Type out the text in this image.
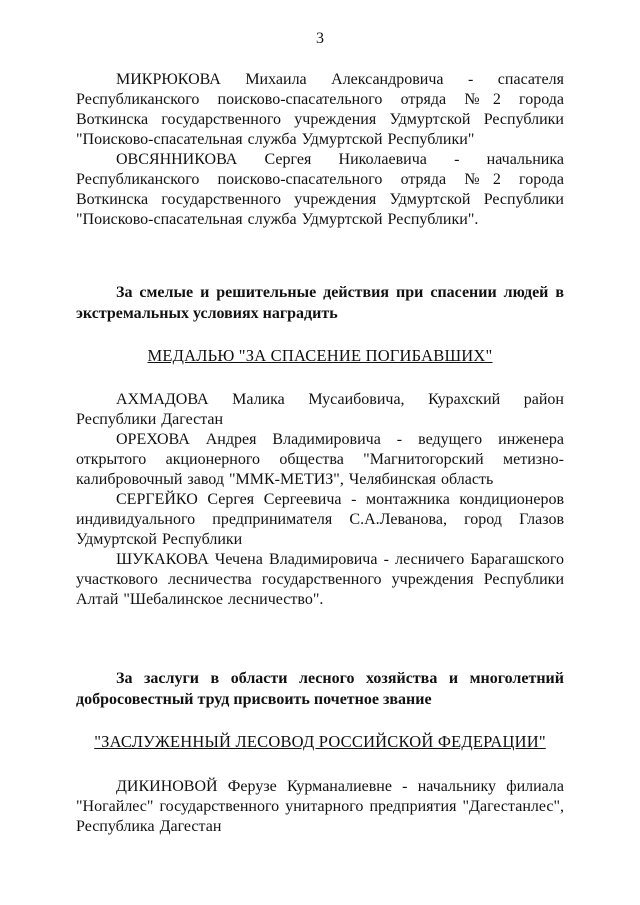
3

МИКРЮКОВА Михаила Александровича - спасателя Республиканского поисково-спасательного отряда №2 города Воткинска государственного учреждения Удмуртской Республики "Поисково-спасательная служба Удмуртской Республики"

ОВСЯННИКОВА Сергея Николаевича - начальника Республиканского поисково-спасательного отряда №2 города Воткинска государственного учреждения Удмуртской Республики "Поисково-спасательная служба Удмуртской Республики".

За смелые и решительные действия при спасении людей в экстремальных условиях наградить

МЕДАЛЬЮ "ЗА СПАСЕНИЕ ПОГИБАВШИХ"

АХМАДОВА Малика Мусаибовича, Курахский район Республики Дагестан

ОРЕХОВА Андрея Владимировича - ведущего инженера открытого акционерного общества "Магнитогорский метизно-калибровочный завод "ММК-МЕТИЗ", Челябинская область

СЕРГЕЙКО Сергея Сергеевича - монтажника кондиционеров индивидуального предпринимателя С.А.Леванова, город Глазов Удмуртской Республики

ШУКАКОВА Чечена Владимировича - лесничего Барагашского участкового лесничества государственного учреждения Республики Алтай "Шебалинское лесничество".

За заслуги в области лесного хозяйства и многолетний добросовестный труд присвоить почетное звание

"ЗАСЛУЖЕННЫЙ ЛЕСОВОД РОССИЙСКОЙ ФЕДЕРАЦИИ"

ДИКИНОВОЙ Ферузе Курманалиевне - начальнику филиала "Ногайлес" государственного унитарного предприятия "Дагестанлес", Республика Дагестан
